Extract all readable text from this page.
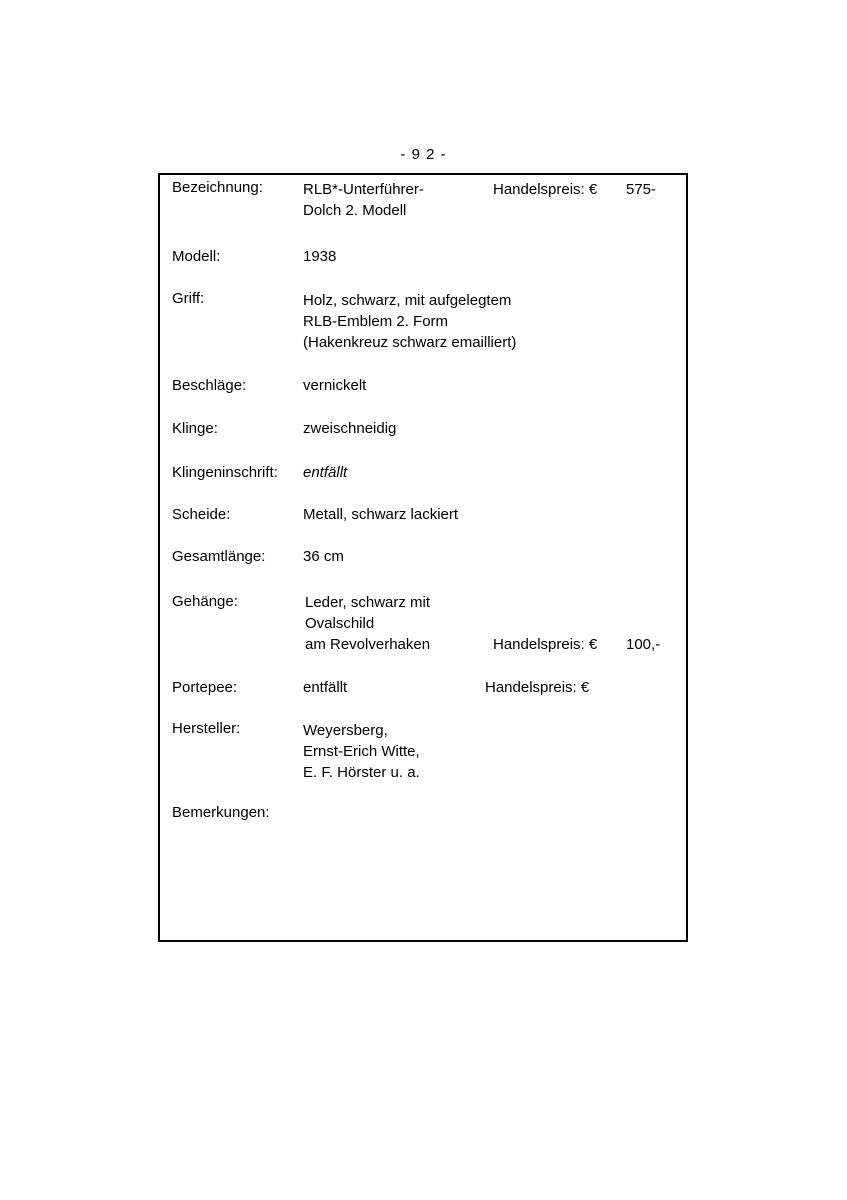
- 9 2 -
Bezeichnung:	RLB*-Unterführer-
Dolch 2. Modell
Handelspreis: € 575-
Modell:	1938
Griff:	Holz, schwarz, mit aufgelegtem
RLB-Emblem 2. Form
(Hakenkreuz schwarz emailliert)
Beschläge:	vernickelt
Klinge:	zweischneidig
Klingeninschrift: entfällt
Scheide:	Metall, schwarz lackiert
Gesamtlänge:	36 cm
Gehänge:	Leder, schwarz mit
Ovalschild
am Revolverhaken	Handelspreis: € 100,-
Portepee:	entfällt	Handelspreis: €
Hersteller:	Weyersberg,
Ernst-Erich Witte,
E. F. Hörster u. a.
Bemerkungen:
